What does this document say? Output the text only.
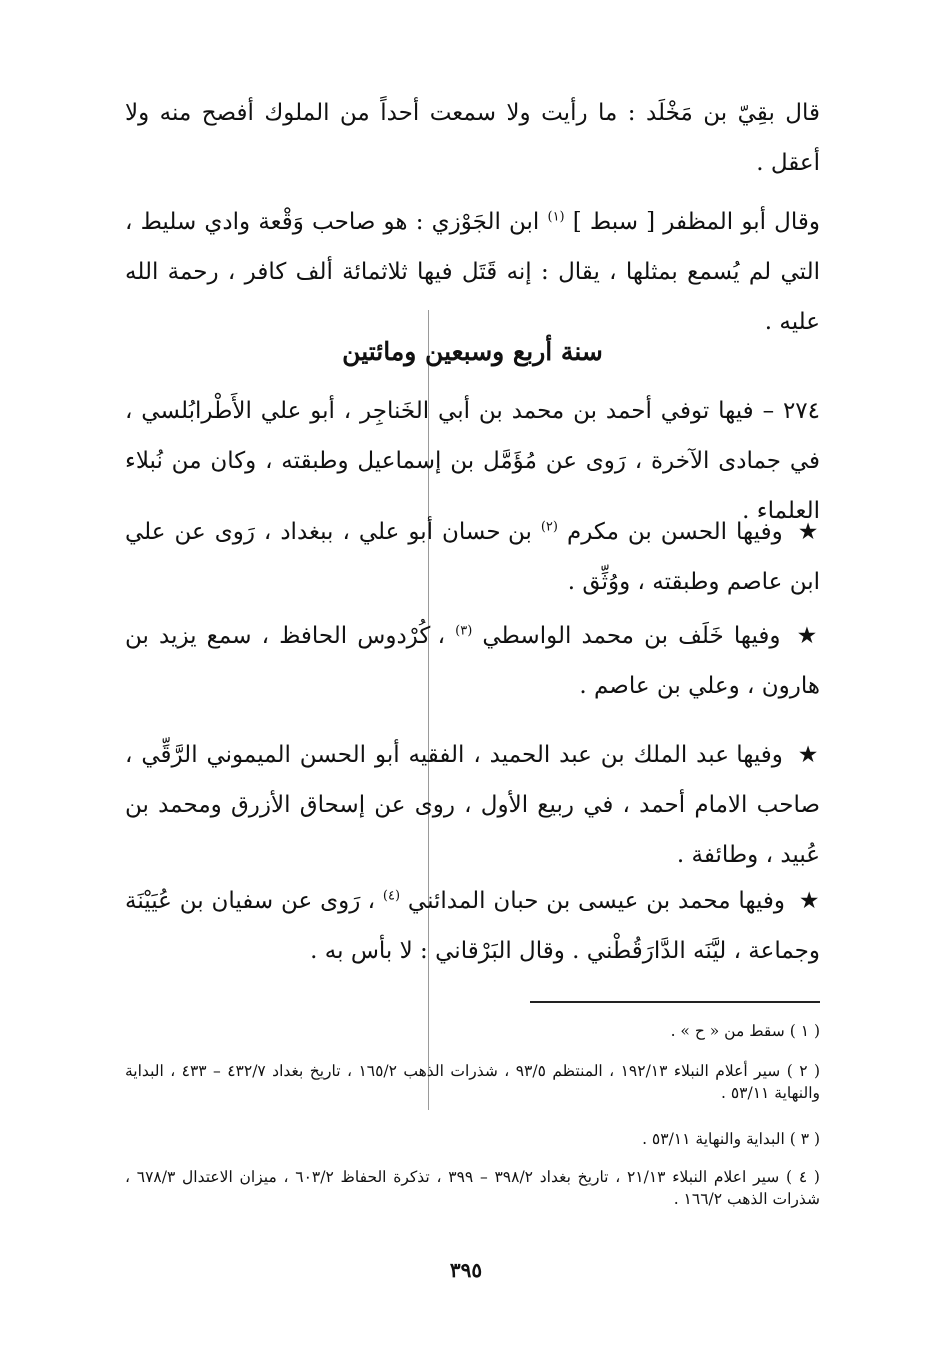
قال بقِيّ بن مَخْلَد : ما رأيت ولا سمعت أحداً من الملوك أفصح منه ولا أعقل .

وقال أبو المظفر [ سبط ] $^{(١)}$ ابن الجَوْزي : هو صاحب وَقْعة وادي سليط ، التي لم يُسمع بمثلها ، يقال : إنه قَتَل فيها ثلاثمائة ألف كافر ، رحمة الله عليه .

سنة أربع وسبعين ومائتين

٢٧٤ – فيها توفي أحمد بن محمد بن أبي الخَناجِر ، أبو علي الأَطْرابُلسي ، في جمادى الآخرة ، رَوى عن مُؤَمَّل بن إسماعيل وطبقته ، وكان من نُبلاء العلماء .

★ وفيها الحسن بن مكرم $^{(٢)}$ بن حسان أبو علي ، ببغداد ، رَوى عن علي ابن عاصم وطبقته ، ووُثِّق .

★ وفيها خَلَف بن محمد الواسطي $^{(٣)}$ ، كُرْدوس الحافظ ، سمع يزيد بن هارون ، وعلي بن عاصم .

★ وفيها عبد الملك بن عبد الحميد ، الفقيه أبو الحسن الميموني الرَّقِّي ، صاحب الامام أحمد ، في ربيع الأول ، روى عن إسحاق الأزرق ومحمد بن عُبيد ، وطائفة .

★ وفيها محمد بن عيسى بن حبان المدائني $^{(٤)}$ ، رَوى عن سفيان بن عُيَيْنَة وجماعة ، ليَّنَه الدَّارَقُطْني . وقال البَرْقاني : لا بأس به .

( ١ ) سقط من « ح » .

( ٢ ) سير أعلام النبلاء ١٩٢/١٣ ، المنتظم ٩٣/٥ ، شذرات الذهب ١٦٥/٢ ، تاريخ بغداد ٤٣٢/٧ – ٤٣٣ ، البداية والنهاية ٥٣/١١ .

( ٣ ) البداية والنهاية ٥٣/١١ .

( ٤ ) سير اعلام النبلاء ٢١/١٣ ، تاريخ بغداد ٣٩٨/٢ – ٣٩٩ ، تذكرة الحفاظ ٦٠٣/٢ ، ميزان الاعتدال ٦٧٨/٣ ، شذرات الذهب ١٦٦/٢ .

٣٩٥
